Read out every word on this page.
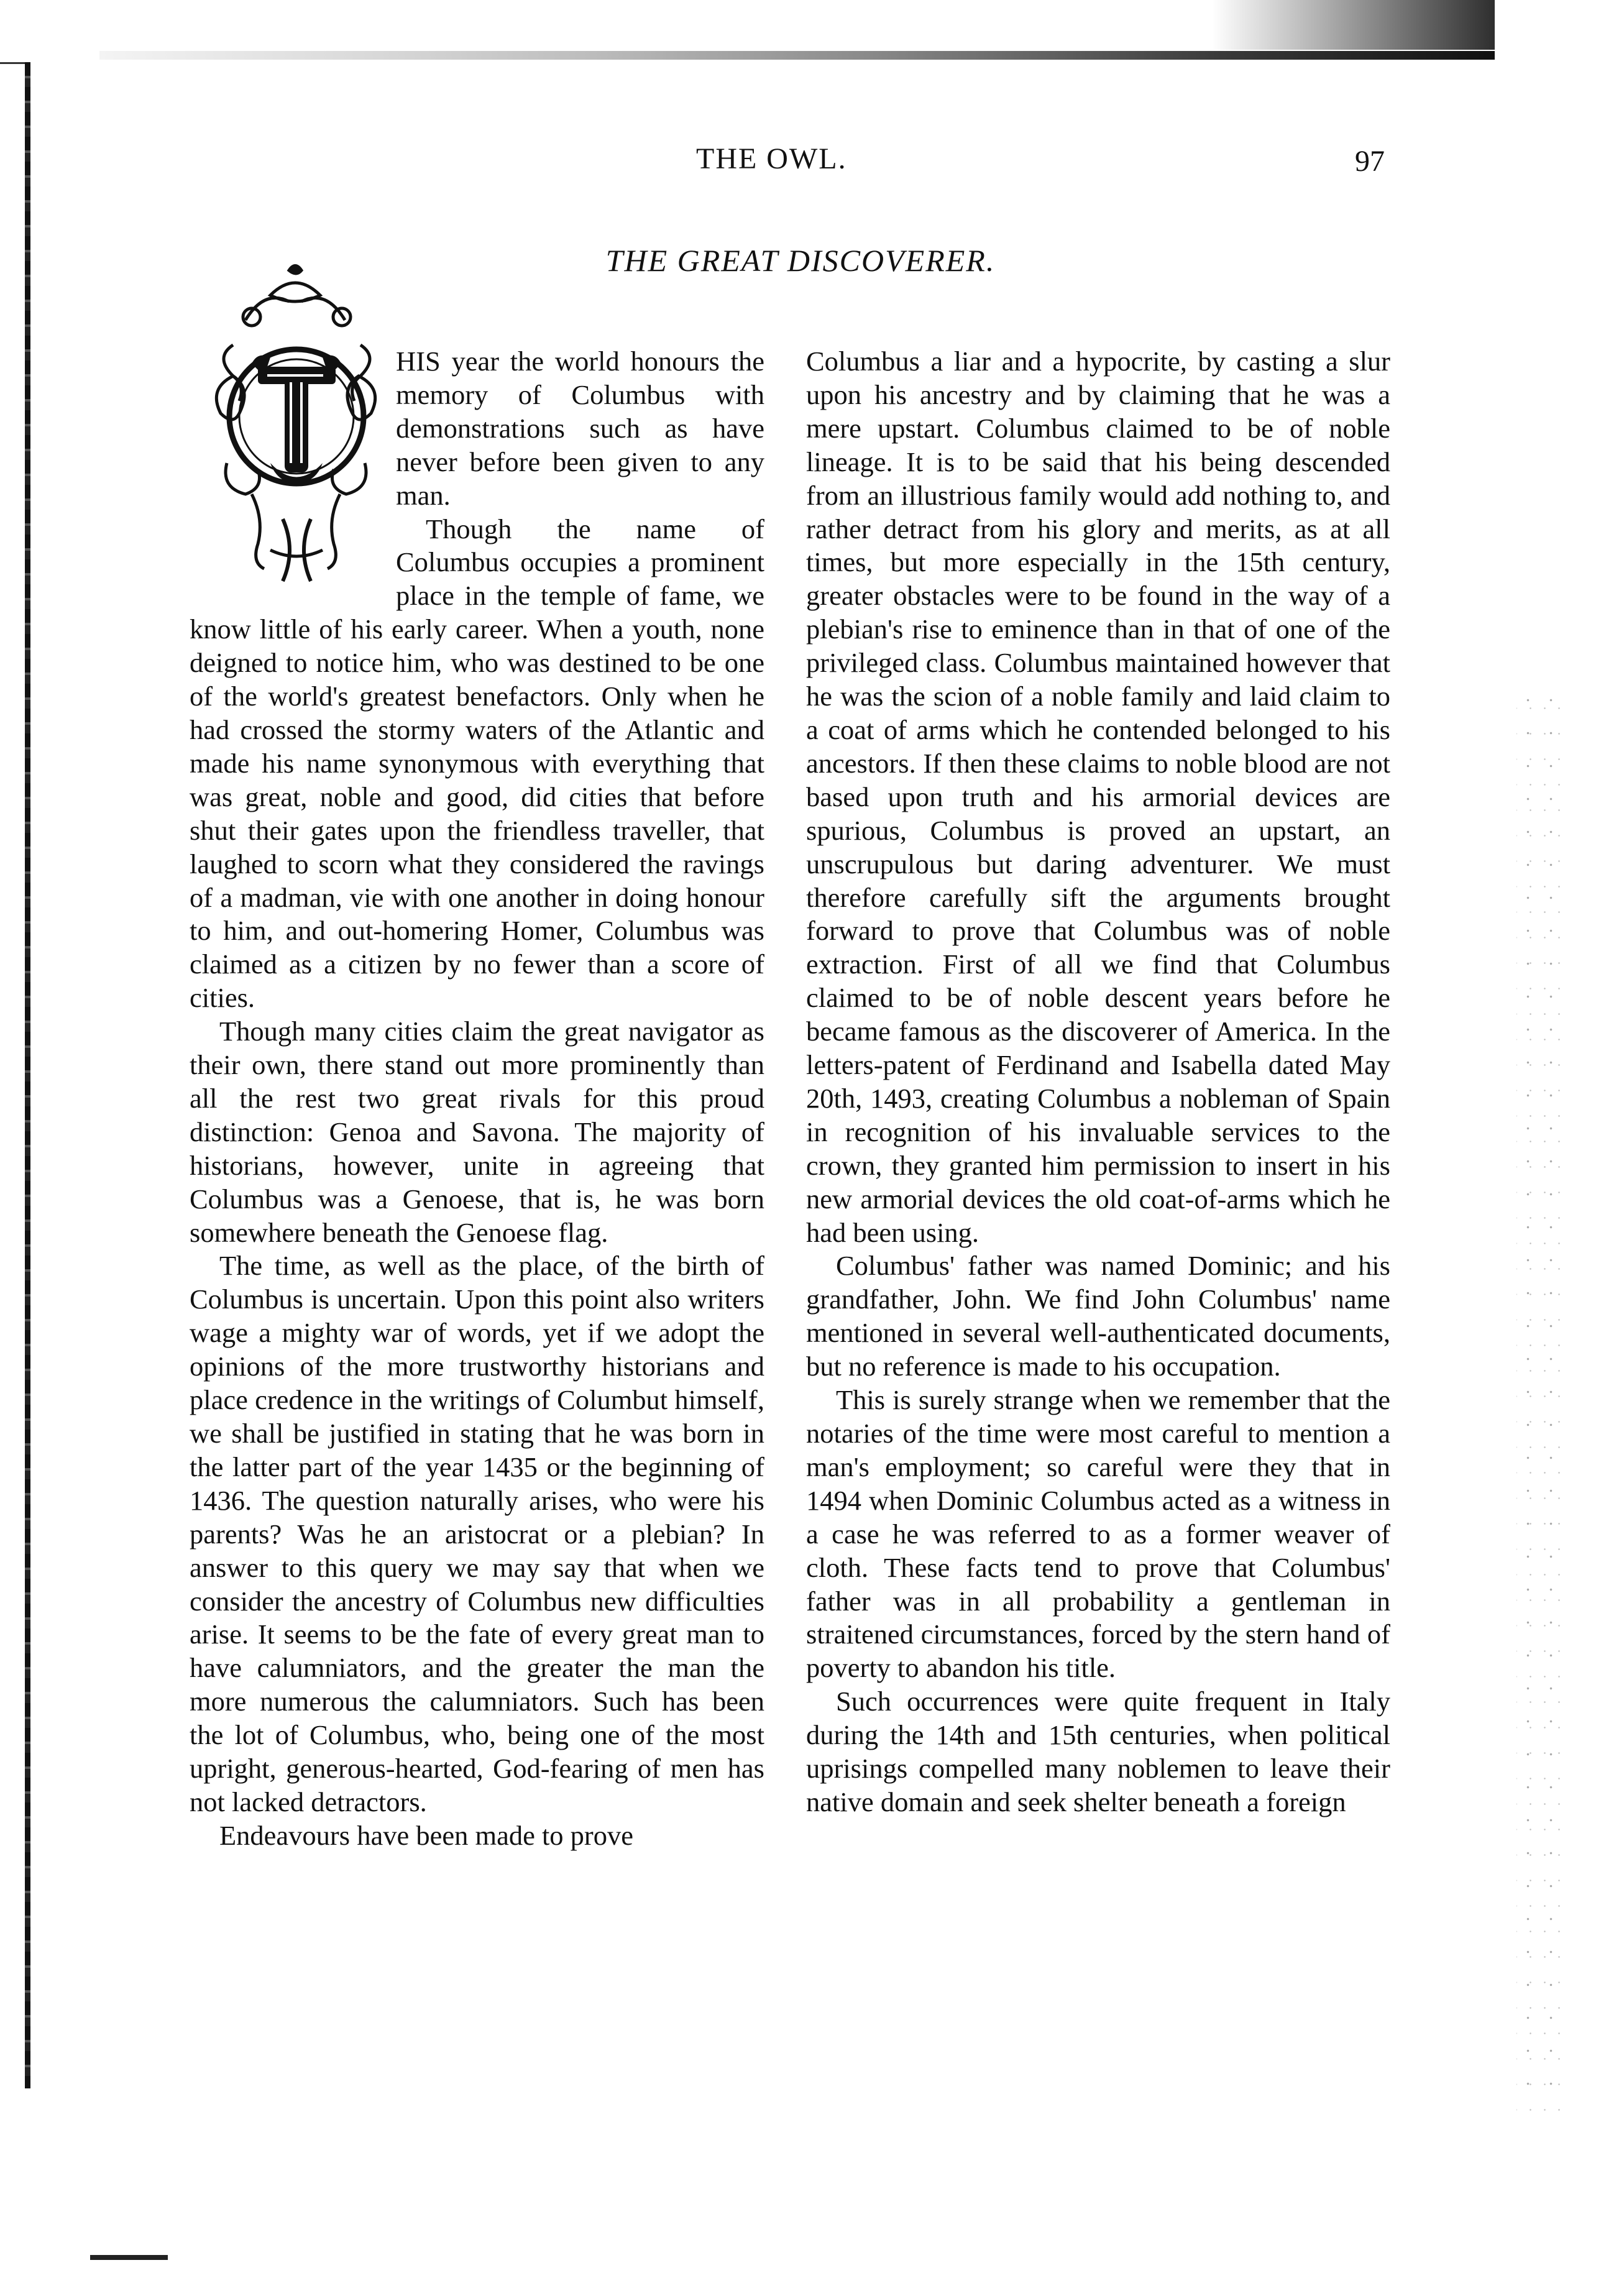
THE OWL.	97
THE GREAT DISCOVERER.

HIS year the world honours the memory of Columbus with demonstrations such as have never before been given to any man.

Though the name of Columbus occupies a prominent place in the temple of fame, we know little of his early career. When a youth, none deigned to notice him, who was destined to be one of the world's greatest benefactors. Only when he had crossed the stormy waters of the Atlantic and made his name synonymous with everything that was great, noble and good, did cities that before shut their gates upon the friendless traveller, that laughed to scorn what they considered the ravings of a madman, vie with one another in doing honour to him, and out-homering Homer, Columbus was claimed as a citizen by no fewer than a score of cities.

Though many cities claim the great navigator as their own, there stand out more prominently than all the rest two great rivals for this proud distinction: Genoa and Savona. The majority of historians, however, unite in agreeing that Columbus was a Genoese, that is, he was born somewhere beneath the Genoese flag.

The time, as well as the place, of the birth of Columbus is uncertain. Upon this point also writers wage a mighty war of words, yet if we adopt the opinions of the more trustworthy historians and place credence in the writings of Columbut himself, we shall be justified in stating that he was born in the latter part of the year 1435 or the beginning of 1436. The question naturally arises, who were his parents? Was he an aristocrat or a plebian? In answer to this query we may say that when we consider the ancestry of Columbus new difficulties arise. It seems to be the fate of every great man to have calumniators, and the greater the man the more numerous the calumniators. Such has been the lot of Columbus, who, being one of the most upright, generous-hearted, God-fearing of men has not lacked detractors.

Endeavours have been made to prove

Columbus a liar and a hypocrite, by casting a slur upon his ancestry and by claiming that he was a mere upstart. Columbus claimed to be of noble lineage. It is to be said that his being descended from an illustrious family would add nothing to, and rather detract from his glory and merits, as at all times, but more especially in the 15th century, greater obstacles were to be found in the way of a plebian's rise to eminence than in that of one of the privileged class. Columbus maintained however that he was the scion of a noble family and laid claim to a coat of arms which he contended belonged to his ancestors. If then these claims to noble blood are not based upon truth and his armorial devices are spurious, Columbus is proved an upstart, an unscrupulous but daring adventurer. We must therefore carefully sift the arguments brought forward to prove that Columbus was of noble extraction. First of all we find that Columbus claimed to be of noble descent years before he became famous as the discoverer of America. In the letters-patent of Ferdinand and Isabella dated May 20th, 1493, creating Columbus a nobleman of Spain in recognition of his invaluable services to the crown, they granted him permission to insert in his new armorial devices the old coat-of-arms which he had been using.

Columbus' father was named Dominic; and his grandfather, John. We find John Columbus' name mentioned in several well-authenticated documents, but no reference is made to his occupation.

This is surely strange when we remember that the notaries of the time were most careful to mention a man's employment; so careful were they that in 1494 when Dominic Columbus acted as a witness in a case he was referred to as a former weaver of cloth. These facts tend to prove that Columbus' father was in all probability a gentleman in straitened circumstances, forced by the stern hand of poverty to abandon his title.

Such occurrences were quite frequent in Italy during the 14th and 15th centuries, when political uprisings compelled many noblemen to leave their native domain and seek shelter beneath a foreign
